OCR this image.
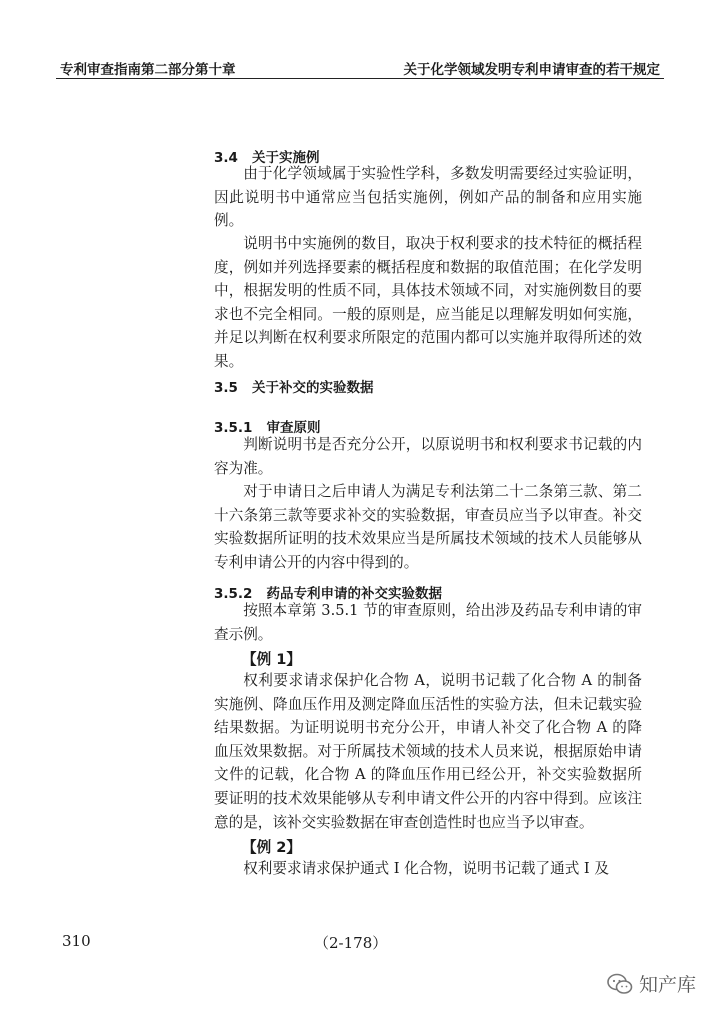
专利审查指南第二部分第十章	关于化学领域发明专利申请审查的若干规定
3.4   关于实施例
由于化学领域属于实验性学科，多数发明需要经过实验证明，因此说明书中通常应当包括实施例，例如产品的制备和应用实施例。
说明书中实施例的数目，取决于权利要求的技术特征的概括程度，例如并列选择要素的概括程度和数据的取值范围；在化学发明中，根据发明的性质不同，具体技术领域不同，对实施例数目的要求也不完全相同。一般的原则是，应当能足以理解发明如何实施，并足以判断在权利要求所限定的范围内都可以实施并取得所述的效果。
3.5   关于补交的实验数据
3.5.1   审查原则
判断说明书是否充分公开，以原说明书和权利要求书记载的内容为准。
对于申请日之后申请人为满足专利法第二十二条第三款、第二十六条第三款等要求补交的实验数据，审查员应当予以审查。补交实验数据所证明的技术效果应当是所属技术领域的技术人员能够从专利申请公开的内容中得到的。
3.5.2   药品专利申请的补交实验数据
按照本章第 3.5.1 节的审查原则，给出涉及药品专利申请的审查示例。
【例 1】
权利要求请求保护化合物 A，说明书记载了化合物 A 的制备实施例、降血压作用及测定降血压活性的实验方法，但未记载实验结果数据。为证明说明书充分公开，申请人补交了化合物 A 的降血压效果数据。对于所属技术领域的技术人员来说，根据原始申请文件的记载，化合物 A 的降血压作用已经公开，补交实验数据所要证明的技术效果能够从专利申请文件公开的内容中得到。应该注意的是，该补交实验数据在审查创造性时也应当予以审查。
【例 2】
权利要求请求保护通式 I 化合物，说明书记载了通式 I 及
310	（2-178）
知产库
